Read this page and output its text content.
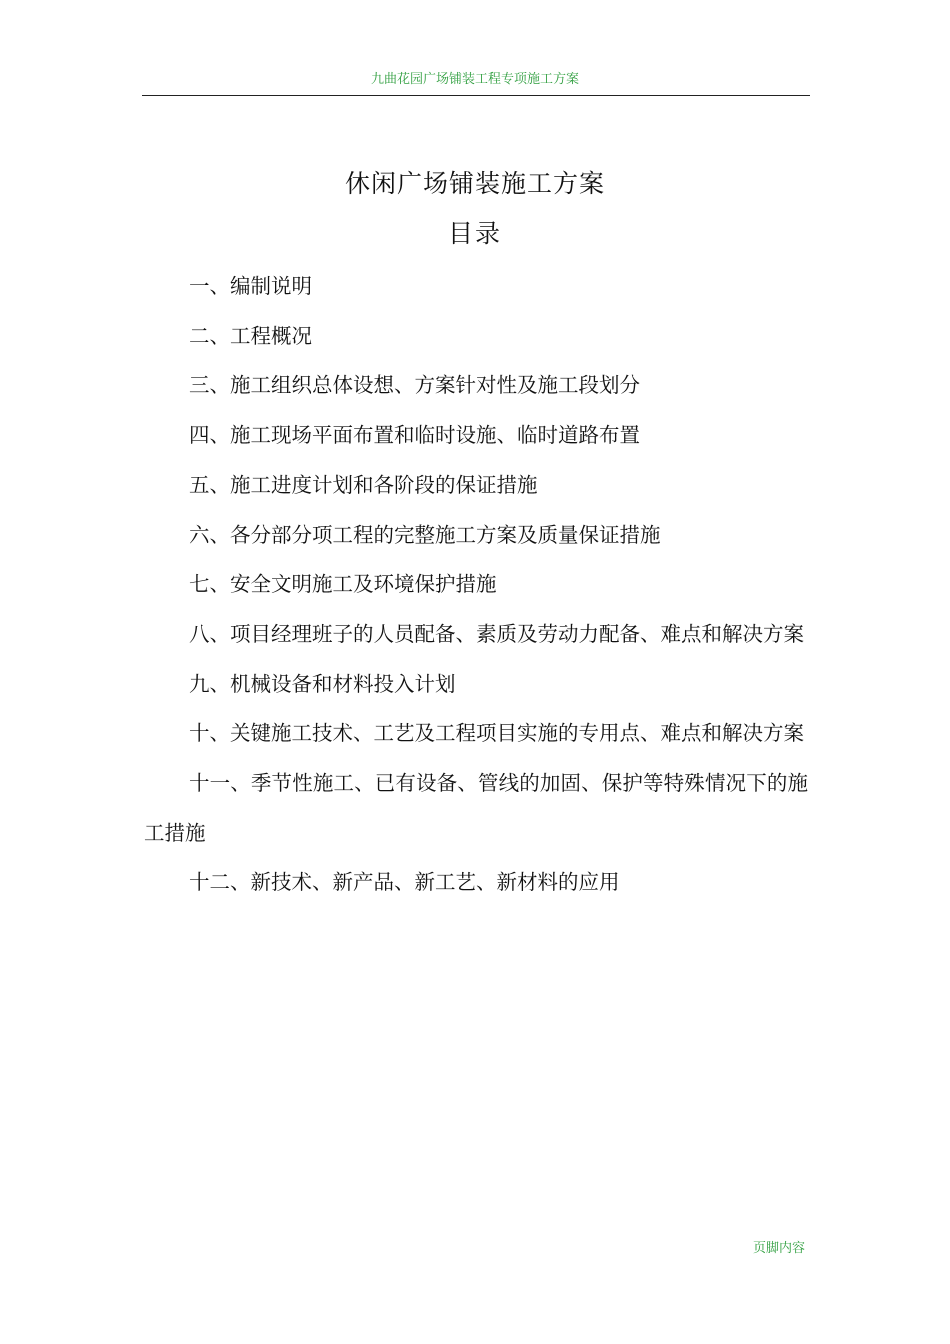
九曲花园广场铺装工程专项施工方案
休闲广场铺装施工方案
目录
一、编制说明
二、工程概况
三、施工组织总体设想、方案针对性及施工段划分
四、施工现场平面布置和临时设施、临时道路布置
五、施工进度计划和各阶段的保证措施
六、各分部分项工程的完整施工方案及质量保证措施
七、安全文明施工及环境保护措施
八、项目经理班子的人员配备、素质及劳动力配备、难点和解决方案
九、机械设备和材料投入计划
十、关键施工技术、工艺及工程项目实施的专用点、难点和解决方案
十一、季节性施工、已有设备、管线的加固、保护等特殊情况下的施工措施
十二、新技术、新产品、新工艺、新材料的应用
页脚内容
